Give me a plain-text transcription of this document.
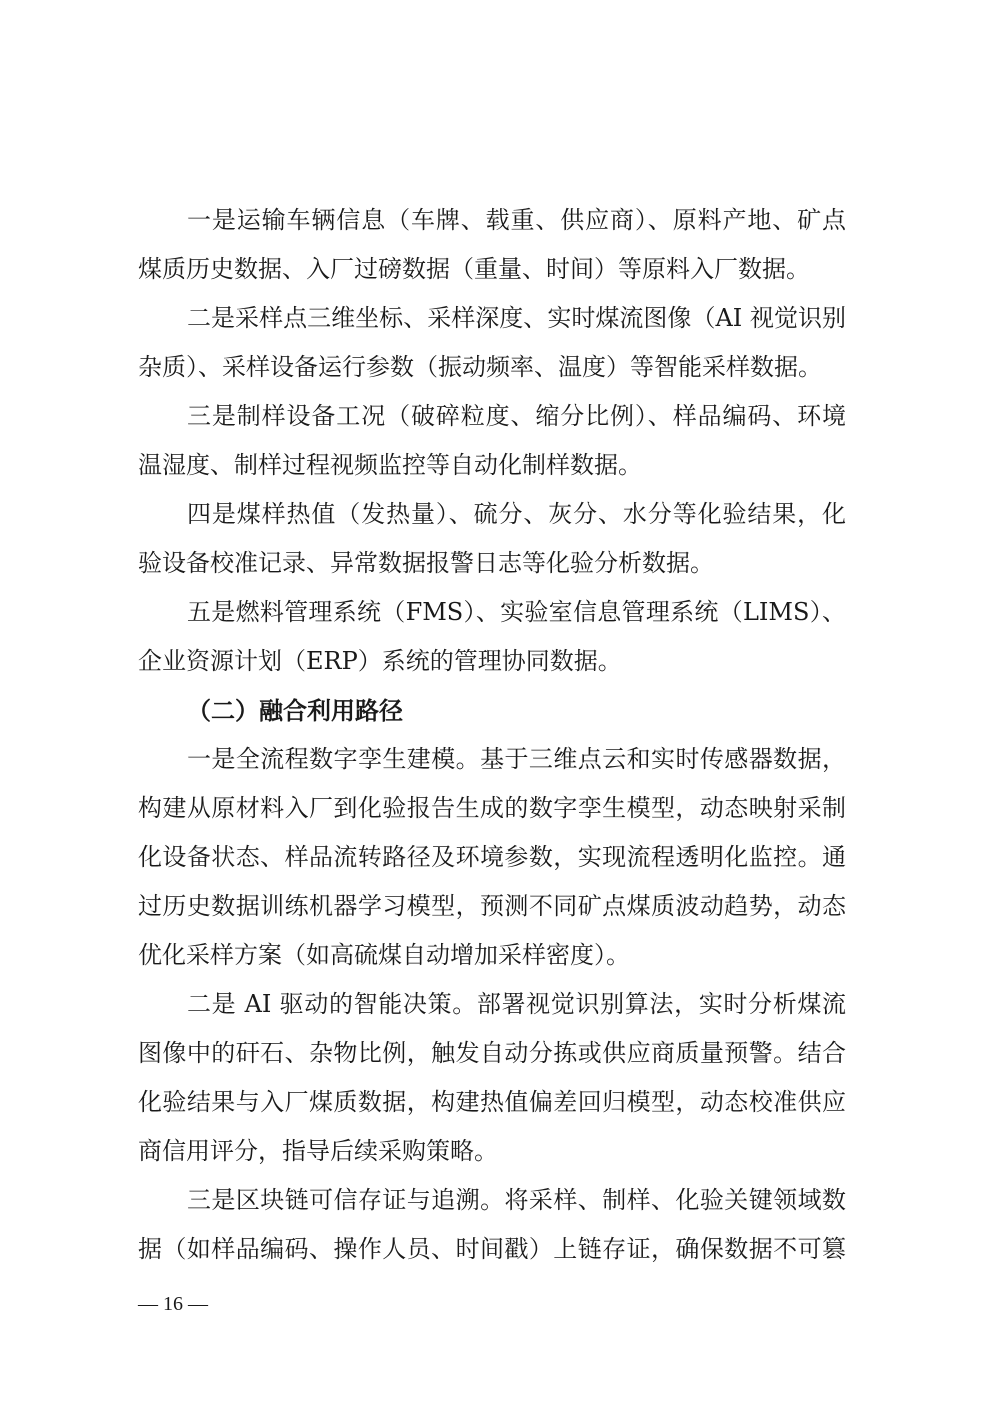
一是运输车辆信息（车牌、载重、供应商）、原料产地、矿点

煤质历史数据、入厂过磅数据（重量、时间）等原料入厂数据。

二是采样点三维坐标、采样深度、实时煤流图像（AI 视觉识别

杂质）、采样设备运行参数（振动频率、温度）等智能采样数据。

三是制样设备工况（破碎粒度、缩分比例）、样品编码、环境

温湿度、制样过程视频监控等自动化制样数据。

四是煤样热值（发热量）、硫分、灰分、水分等化验结果，化

验设备校准记录、异常数据报警日志等化验分析数据。

五是燃料管理系统（FMS）、实验室信息管理系统（LIMS）、

企业资源计划（ERP）系统的管理协同数据。

（二）融合利用路径

一是全流程数字孪生建模。基于三维点云和实时传感器数据，

构建从原材料入厂到化验报告生成的数字孪生模型，动态映射采制

化设备状态、样品流转路径及环境参数，实现流程透明化监控。通

过历史数据训练机器学习模型，预测不同矿点煤质波动趋势，动态

优化采样方案（如高硫煤自动增加采样密度）。

二是 AI 驱动的智能决策。部署视觉识别算法，实时分析煤流

图像中的矸石、杂物比例，触发自动分拣或供应商质量预警。结合

化验结果与入厂煤质数据，构建热值偏差回归模型，动态校准供应

商信用评分，指导后续采购策略。

三是区块链可信存证与追溯。将采样、制样、化验关键领域数

据（如样品编码、操作人员、时间戳）上链存证，确保数据不可篡

— 16 —
